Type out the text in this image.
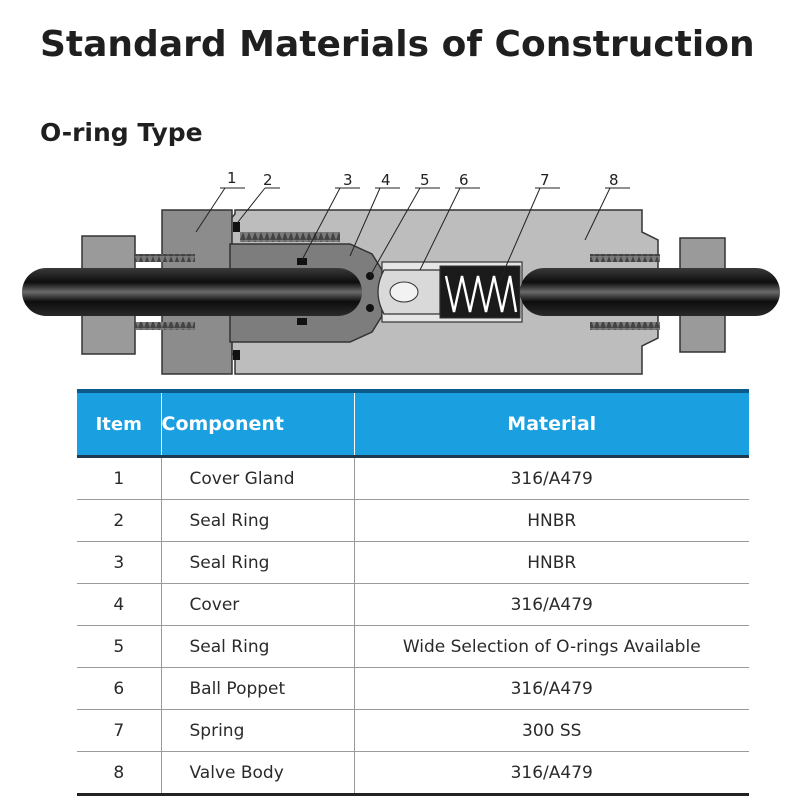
Standard Materials of Construction
O-ring Type
1 2	3 4 5 6	7	8
Item	Component	Material
1	Cover Gland	316/A479
2	Seal Ring	HNBR
3	Seal Ring	HNBR
4	Cover	316/A479
5	Seal Ring	Wide Selection of O-rings Available
6	Ball Poppet	316/A479
7	Spring	300 SS
8	Valve Body	316/A479
